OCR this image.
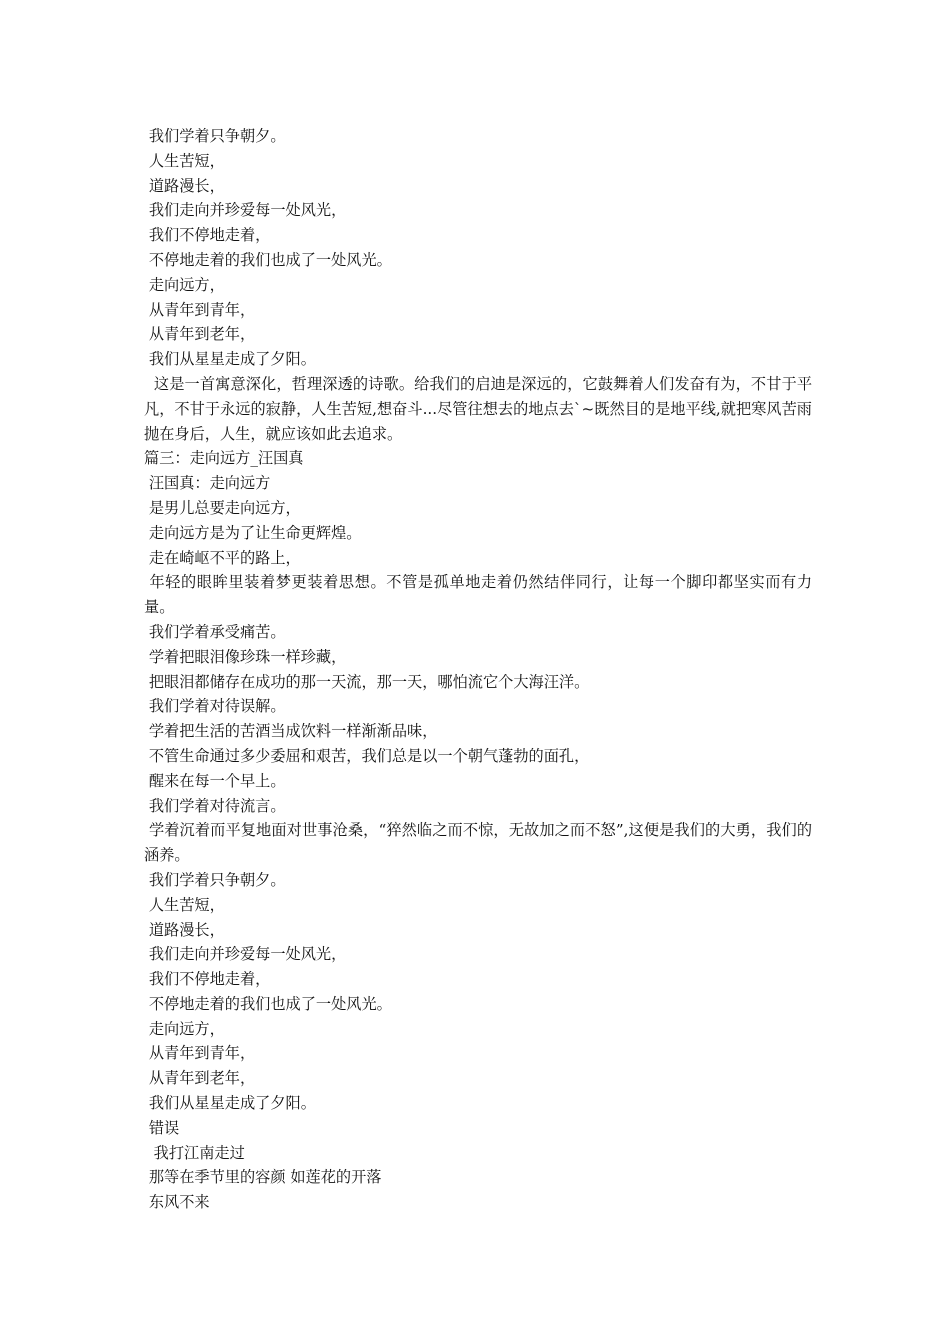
我们学着只争朝夕。
人生苦短，
道路漫长，
我们走向并珍爱每一处风光，
我们不停地走着，
不停地走着的我们也成了一处风光。
走向远方，
从青年到青年，
从青年到老年，
我们从星星走成了夕阳。
这是一首寓意深化，哲理深透的诗歌。给我们的启迪是深远的，它鼓舞着人们发奋有为，不甘于平凡，不甘于永远的寂静，人生苦短,想奋斗...尽管往想去的地点去`~既然目的是地平线,就把寒风苦雨抛在身后，人生，就应该如此去追求。
篇三：走向远方_汪国真
汪国真：走向远方
是男儿总要走向远方，
走向远方是为了让生命更辉煌。
走在崎岖不平的路上，
年轻的眼眸里装着梦更装着思想。不管是孤单地走着仍然结伴同行，让每一个脚印都坚实而有力量。
我们学着承受痛苦。
学着把眼泪像珍珠一样珍藏，
把眼泪都储存在成功的那一天流，那一天，哪怕流它个大海汪洋。
我们学着对待误解。
学着把生活的苦酒当成饮料一样渐渐品味，
不管生命通过多少委屈和艰苦，我们总是以一个朝气蓬勃的面孔，
醒来在每一个早上。
我们学着对待流言。
学着沉着而平复地面对世事沧桑，“猝然临之而不惊，无故加之而不怒”,这便是我们的大勇，我们的涵养。
我们学着只争朝夕。
人生苦短，
道路漫长，
我们走向并珍爱每一处风光，
我们不停地走着，
不停地走着的我们也成了一处风光。
走向远方，
从青年到青年，
从青年到老年，
我们从星星走成了夕阳。
错误
我打江南走过
那等在季节里的容颜 如莲花的开落
东风不来
